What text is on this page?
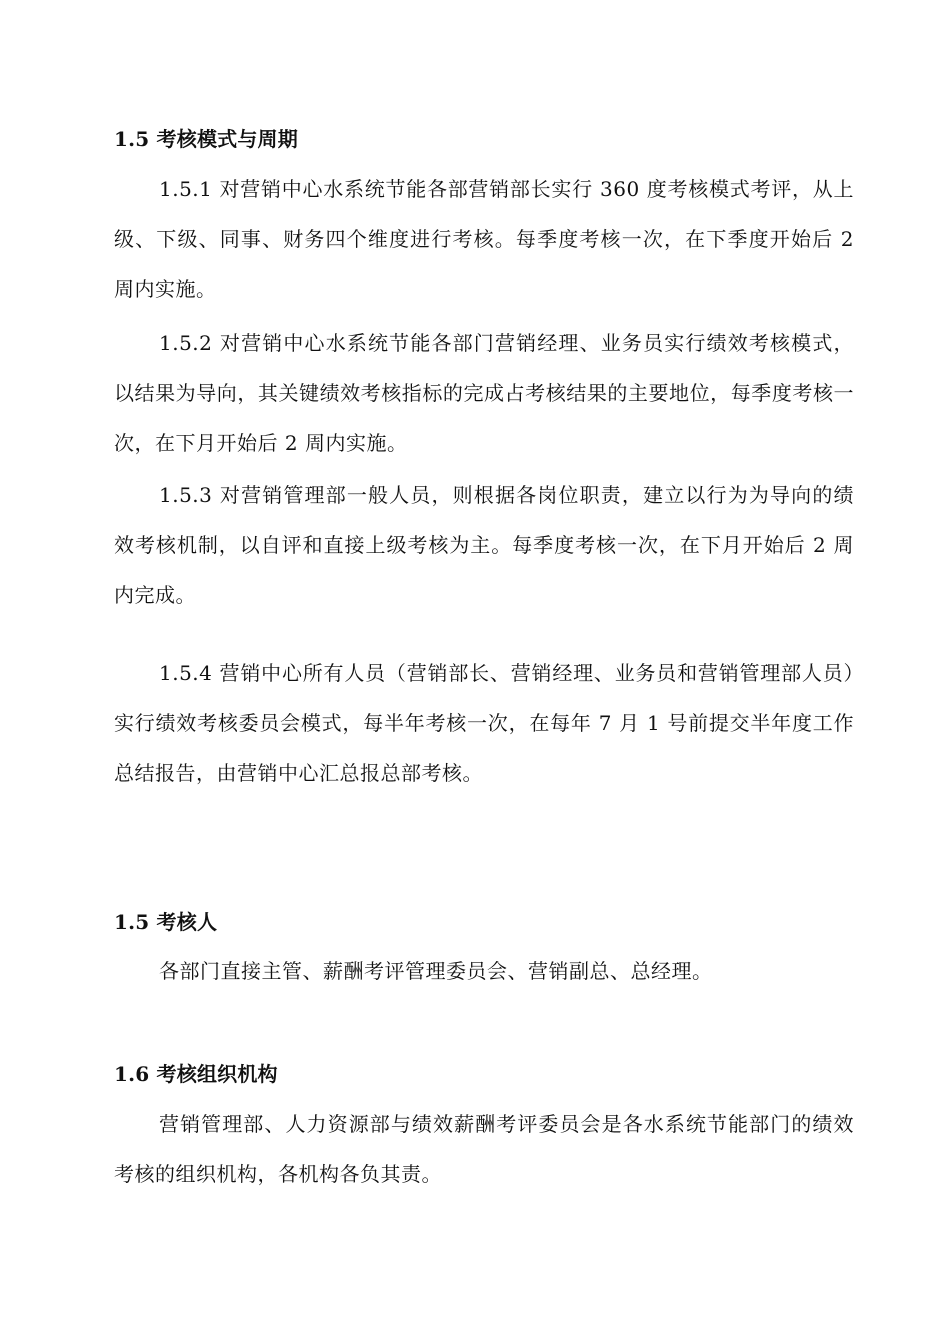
1.5 考核模式与周期
1.5.1 对营销中心水系统节能各部营销部长实行 360 度考核模式考评，从上级、下级、同事、财务四个维度进行考核。每季度考核一次，在下季度开始后 2 周内实施。
1.5.2 对营销中心水系统节能各部门营销经理、业务员实行绩效考核模式，以结果为导向，其关键绩效考核指标的完成占考核结果的主要地位，每季度考核一次，在下月开始后 2 周内实施。
1.5.3 对营销管理部一般人员，则根据各岗位职责，建立以行为为导向的绩效考核机制，以自评和直接上级考核为主。每季度考核一次，在下月开始后 2 周内完成。
1.5.4 营销中心所有人员（营销部长、营销经理、业务员和营销管理部人员）实行绩效考核委员会模式，每半年考核一次，在每年 7 月 1 号前提交半年度工作总结报告，由营销中心汇总报总部考核。
1.5 考核人
各部门直接主管、薪酬考评管理委员会、营销副总、总经理。
1.6 考核组织机构
营销管理部、人力资源部与绩效薪酬考评委员会是各水系统节能部门的绩效考核的组织机构，各机构各负其责。
